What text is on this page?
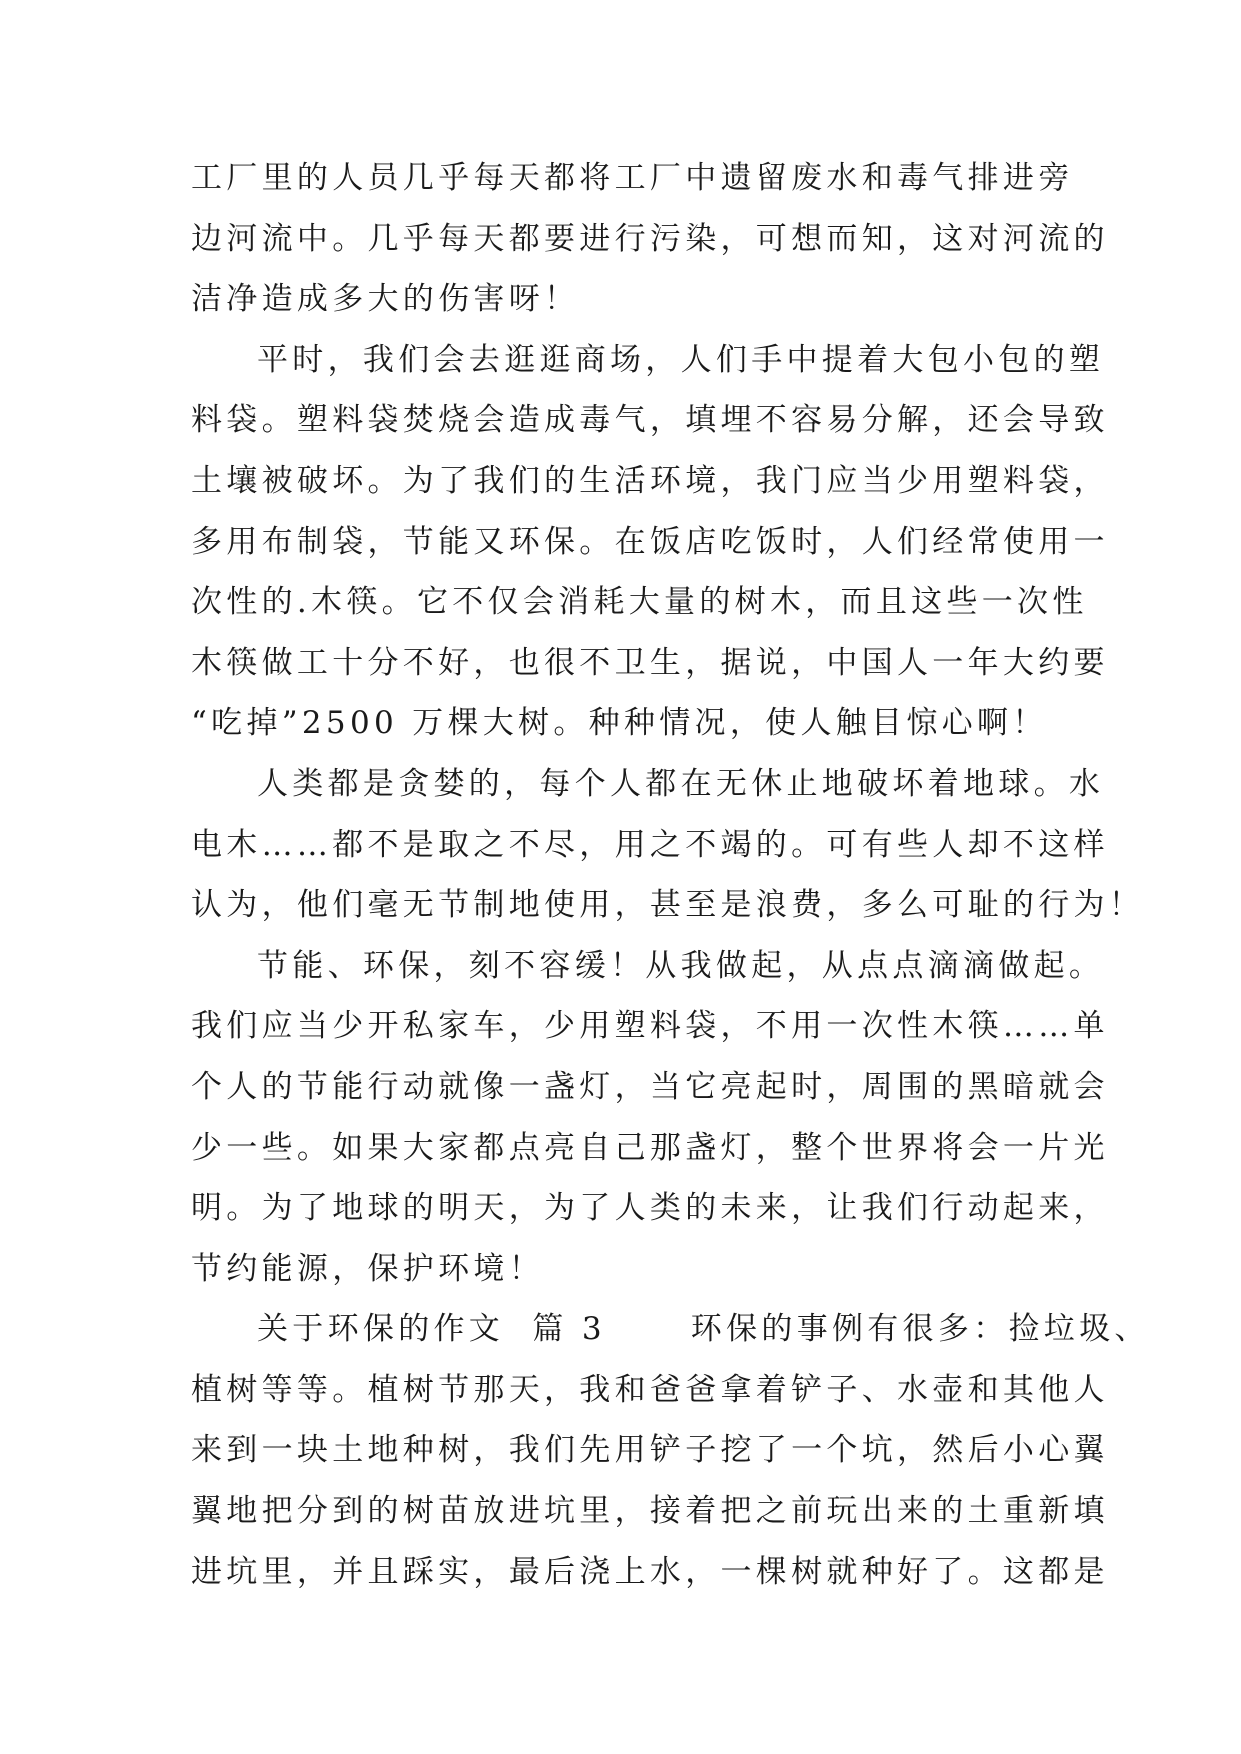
工厂里的人员几乎每天都将工厂中遗留废水和毒气排进旁
边河流中。几乎每天都要进行污染，可想而知，这对河流的
洁净造成多大的伤害呀！
平时，我们会去逛逛商场，人们手中提着大包小包的塑
料袋。塑料袋焚烧会造成毒气，填埋不容易分解，还会导致
土壤被破坏。为了我们的生活环境，我门应当少用塑料袋，
多用布制袋，节能又环保。在饭店吃饭时，人们经常使用一
次性的.木筷。它不仅会消耗大量的树木，而且这些一次性
木筷做工十分不好，也很不卫生，据说，中国人一年大约要
“吃掉”2500 万棵大树。种种情况，使人触目惊心啊！
人类都是贪婪的，每个人都在无休止地破坏着地球。水
电木……都不是取之不尽，用之不竭的。可有些人却不这样
认为，他们毫无节制地使用，甚至是浪费，多么可耻的行为！
节能、环保，刻不容缓！从我做起，从点点滴滴做起。
我们应当少开私家车，少用塑料袋，不用一次性木筷……单
个人的节能行动就像一盏灯，当它亮起时，周围的黑暗就会
少一些。如果大家都点亮自己那盏灯，整个世界将会一片光
明。为了地球的明天，为了人类的未来，让我们行动起来，
节约能源，保护环境！
关于环保的作文  篇 3      环保的事例有很多：捡垃圾、
植树等等。植树节那天，我和爸爸拿着铲子、水壶和其他人
来到一块土地种树，我们先用铲子挖了一个坑，然后小心翼
翼地把分到的树苗放进坑里，接着把之前玩出来的土重新填
进坑里，并且踩实，最后浇上水，一棵树就种好了。这都是
